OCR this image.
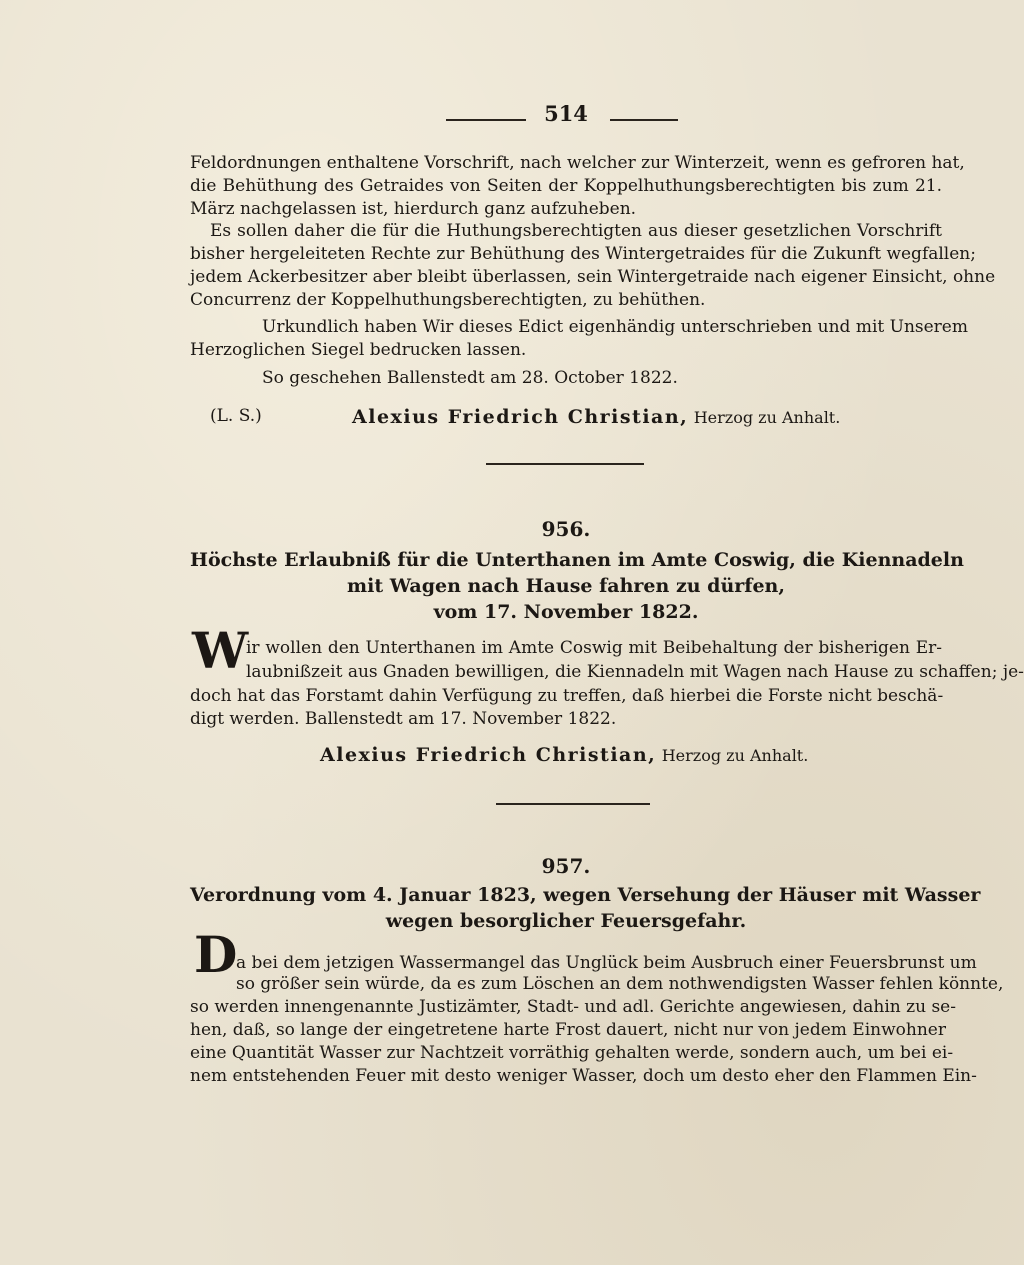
514
Feldordnungen enthaltene Vorschrift, nach welcher zur Winterzeit, wenn es gefroren hat,
die Behüthung des Getraides von Seiten der Koppelhuthungsberechtigten bis zum 21.
März nachgelassen ist, hierdurch ganz aufzuheben.
Es sollen daher die für die Huthungsberechtigten aus dieser gesetzlichen Vorschrift
bisher hergeleiteten Rechte zur Behüthung des Wintergetraides für die Zukunft wegfallen;
jedem Ackerbesitzer aber bleibt überlassen, sein Wintergetraide nach eigener Einsicht, ohne
Concurrenz der Koppelhuthungsberechtigten, zu behüthen.
Urkundlich haben Wir dieses Edict eigenhändig unterschrieben und mit Unserem
Herzoglichen Siegel bedrucken lassen.
So geschehen Ballenstedt am 28. October 1822.
(L. S.)	Alexius Friedrich Christian, Herzog zu Anhalt.
956.
Höchste Erlaubniß für die Unterthanen im Amte Coswig, die Kiennadeln
mit Wagen nach Hause fahren zu dürfen,
vom 17. November 1822.
W
ir wollen den Unterthanen im Amte Coswig mit Beibehaltung der bisherigen Er-
laubnißzeit aus Gnaden bewilligen, die Kiennadeln mit Wagen nach Hause zu schaffen; je-
doch hat das Forstamt dahin Verfügung zu treffen, daß hierbei die Forste nicht beschä-
digt werden. Ballenstedt am 17. November 1822.
Alexius Friedrich Christian, Herzog zu Anhalt.
957.
Verordnung vom 4. Januar 1823, wegen Versehung der Häuser mit Wasser
wegen besorglicher Feuersgefahr.
D
a bei dem jetzigen Wassermangel das Unglück beim Ausbruch einer Feuersbrunst um
so größer sein würde, da es zum Löschen an dem nothwendigsten Wasser fehlen könnte,
so werden innengenannte Justizämter, Stadt- und adl. Gerichte angewiesen, dahin zu se-
hen, daß, so lange der eingetretene harte Frost dauert, nicht nur von jedem Einwohner
eine Quantität Wasser zur Nachtzeit vorräthig gehalten werde, sondern auch, um bei ei-
nem entstehenden Feuer mit desto weniger Wasser, doch um desto eher den Flammen Ein-
